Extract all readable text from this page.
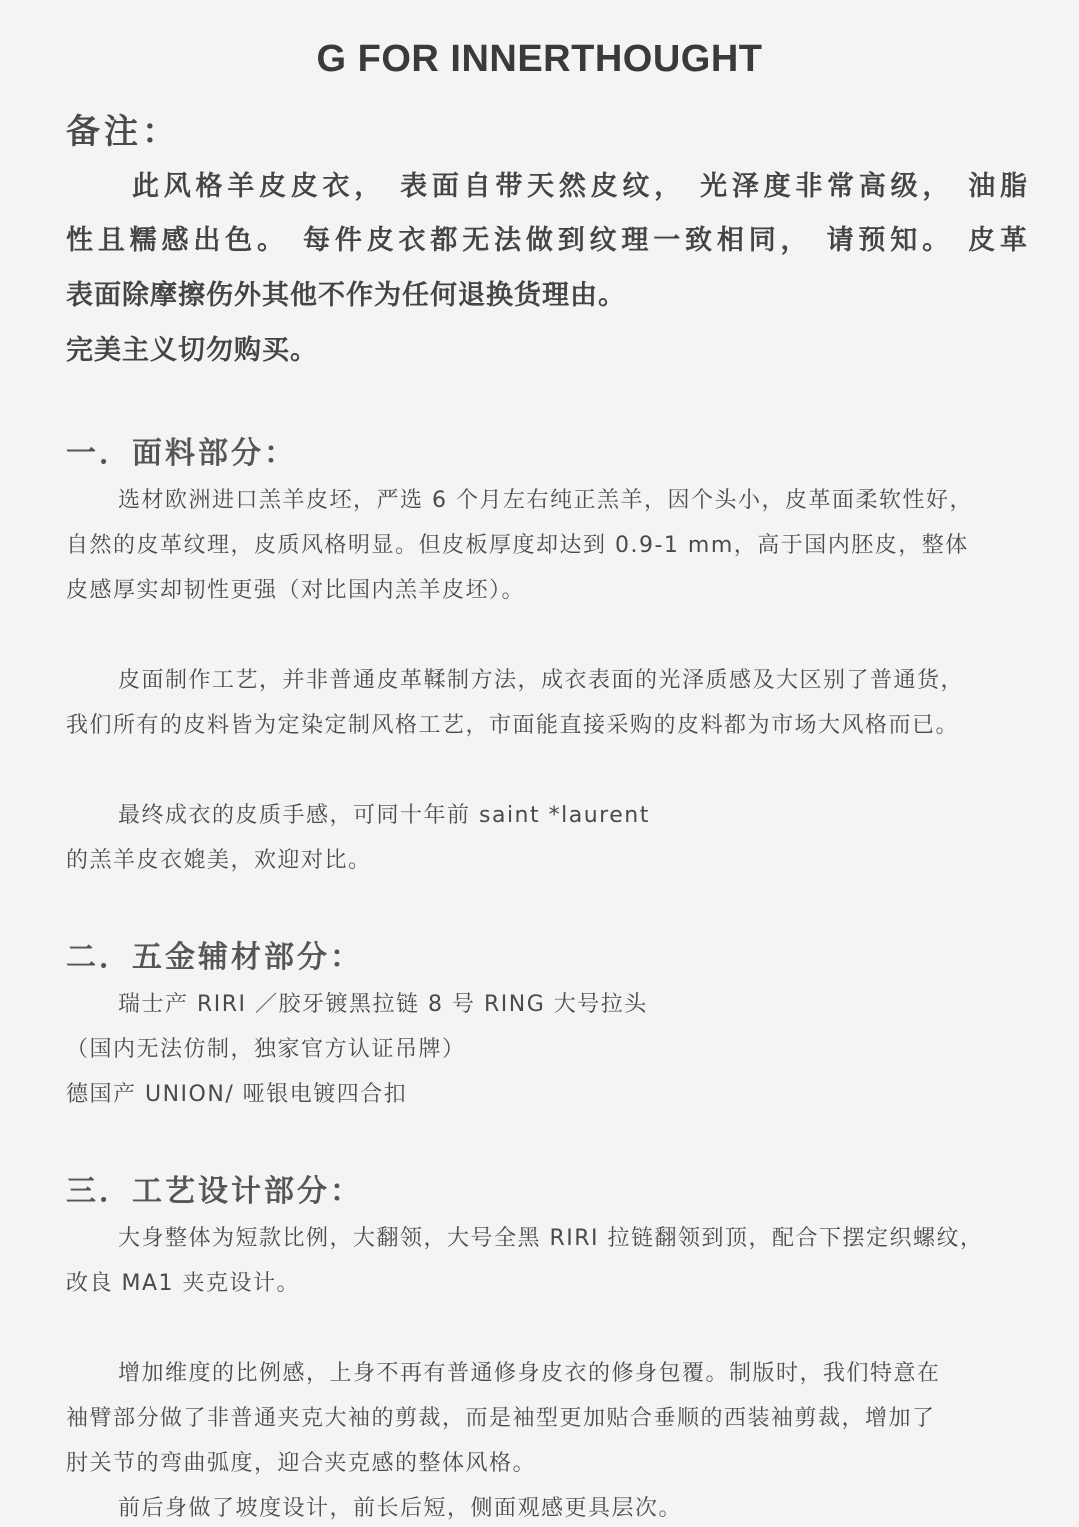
G FOR INNERTHOUGHT
备注：
此风格羊皮皮衣， 表面自带天然皮纹， 光泽度非常高级， 油脂
性且糯感出色。 每件皮衣都无法做到纹理一致相同， 请预知。 皮革
表面除摩擦伤外其他不作为任何退换货理由。
完美主义切勿购买。
一．面料部分：
选材欧洲进口羔羊皮坯，严选 6 个月左右纯正羔羊，因个头小，皮革面柔软性好，
自然的皮革纹理，皮质风格明显。但皮板厚度却达到 0.9-1 mm，高于国内胚皮，整体
皮感厚实却韧性更强（对比国内羔羊皮坯）。
皮面制作工艺，并非普通皮革鞣制方法，成衣表面的光泽质感及大区别了普通货，
我们所有的皮料皆为定染定制风格工艺，市面能直接采购的皮料都为市场大风格而已。
最终成衣的皮质手感，可同十年前 saint *laurent
的羔羊皮衣媲美，欢迎对比。
二．五金辅材部分：
瑞士产 RIRI ／胶牙镀黑拉链 8 号 RING 大号拉头
（国内无法仿制，独家官方认证吊牌）
德国产 UNION/ 哑银电镀四合扣
三．工艺设计部分：
大身整体为短款比例，大翻领，大号全黑 RIRI 拉链翻领到顶，配合下摆定织螺纹，
改良 MA1 夹克设计。
增加维度的比例感，上身不再有普通修身皮衣的修身包覆。制版时，我们特意在
袖臂部分做了非普通夹克大袖的剪裁，而是袖型更加贴合垂顺的西装袖剪裁，增加了
肘关节的弯曲弧度，迎合夹克感的整体风格。
前后身做了坡度设计，前长后短，侧面观感更具层次。
